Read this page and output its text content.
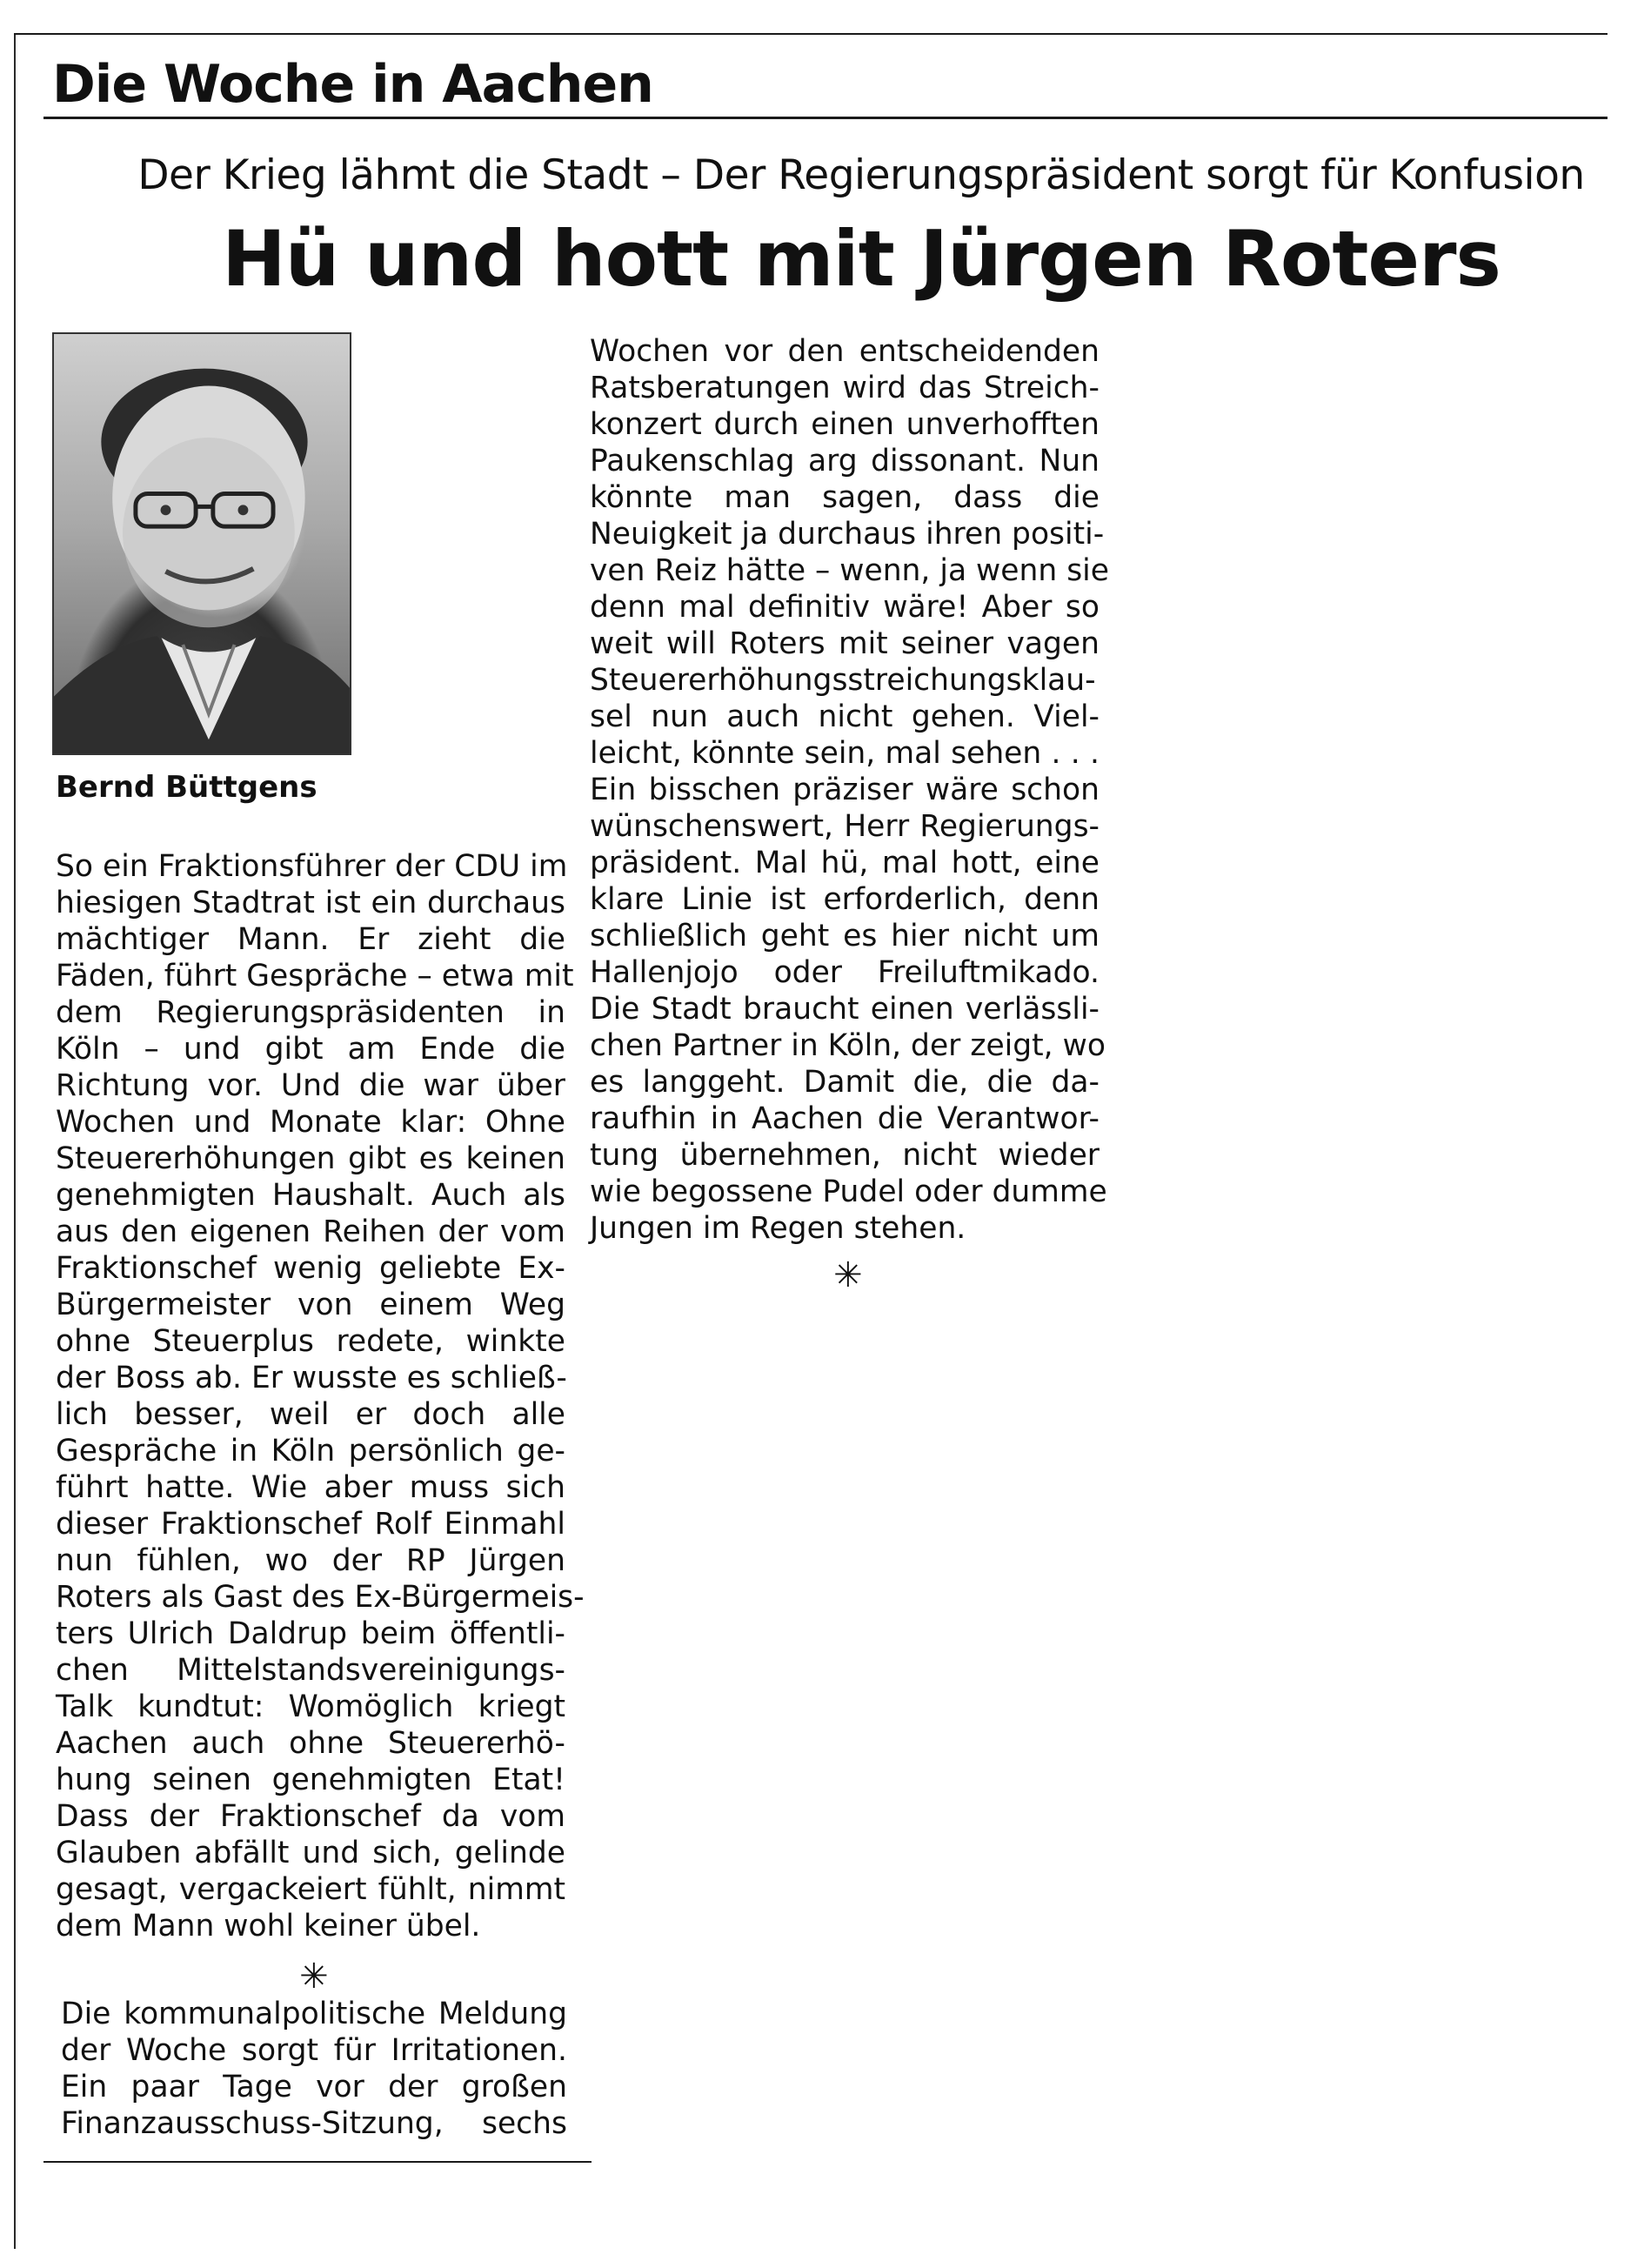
Die Woche in Aachen
Der Krieg lähmt die Stadt – Der Regierungspräsident sorgt für Konfusion
Hü und hott mit Jürgen Roters
Bernd Büttgens
So ein Fraktionsführer der CDU im
hiesigen Stadtrat ist ein durchaus
mächtiger Mann. Er zieht die
Fäden, führt Gespräche – etwa mit
dem Regierungspräsidenten in
Köln – und gibt am Ende die
Richtung vor. Und die war über
Wochen und Monate klar: Ohne
Steuererhöhungen gibt es keinen
genehmigten Haushalt. Auch als
aus den eigenen Reihen der vom
Fraktionschef wenig geliebte Ex-
Bürgermeister von einem Weg
ohne Steuerplus redete, winkte
der Boss ab. Er wusste es schließ-
lich besser, weil er doch alle
Gespräche in Köln persönlich ge-
führt hatte. Wie aber muss sich
dieser Fraktionschef Rolf Einmahl
nun fühlen, wo der RP Jürgen
Roters als Gast des Ex-Bürgermeis-
ters Ulrich Daldrup beim öffentli-
chen Mittelstandsvereinigungs-
Talk kundtut: Womöglich kriegt
Aachen auch ohne Steuererhö-
hung seinen genehmigten Etat!
Dass der Fraktionschef da vom
Glauben abfällt und sich, gelinde
gesagt, vergackeiert fühlt, nimmt
dem Mann wohl keiner übel.
✳
Die kommunalpolitische Meldung
der Woche sorgt für Irritationen.
Ein paar Tage vor der großen
Finanzausschuss-Sitzung, sechs
Wochen vor den entscheidenden
Ratsberatungen wird das Streich-
konzert durch einen unverhofften
Paukenschlag arg dissonant. Nun
könnte man sagen, dass die
Neuigkeit ja durchaus ihren positi-
ven Reiz hätte – wenn, ja wenn sie
denn mal definitiv wäre! Aber so
weit will Roters mit seiner vagen
Steuererhöhungsstreichungsklau-
sel nun auch nicht gehen. Viel-
leicht, könnte sein, mal sehen . . .
Ein bisschen präziser wäre schon
wünschenswert, Herr Regierungs-
präsident. Mal hü, mal hott, eine
klare Linie ist erforderlich, denn
schließlich geht es hier nicht um
Hallenjojo oder Freiluftmikado.
Die Stadt braucht einen verlässli-
chen Partner in Köln, der zeigt, wo
es langgeht. Damit die, die da-
raufhin in Aachen die Verantwor-
tung übernehmen, nicht wieder
wie begossene Pudel oder dumme
Jungen im Regen stehen.
✳
